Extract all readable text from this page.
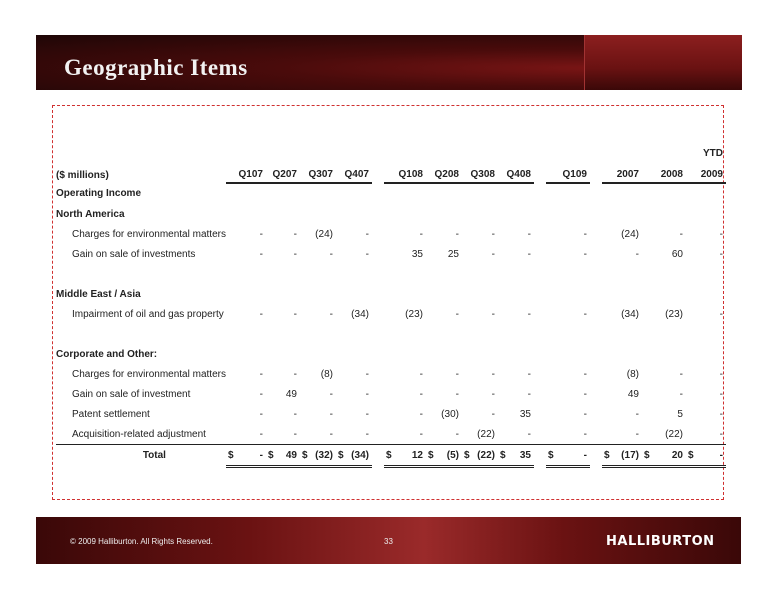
Geographic Items
															YTD
($ millions)	Q107	Q207	Q307	Q407		Q108	Q208	Q308	Q408		Q109		2007	2008	2009
Operating Income															
North America															
Charges for environmental matters	-	-	(24)	-		-	-	-	-		-		(24)	-	-
Gain on sale of investments	-	-	-	-		35	25	-	-		-		-	60	-

Middle East / Asia															
Impairment of oil and gas property	-	-	-	(34)		(23)	-	-	-		-		(34)	(23)	-

Corporate and Other:															
Charges for environmental matters	-	-	(8)	-		-	-	-	-		-		(8)	-	-
Gain on sale of investment	-	49	-	-		-	-	-	-		-		49	-	-
Patent settlement	-	-	-	-		-	(30)	-	35		-		-	5	-
Acquisition-related adjustment	-	-	-	-		-	-	(22)	-		-		-	(22)	-
Total	$ -	$ 49	$ (32)	$ (34)		$ 12	$ (5)	$ (22)	$ 35		$ -		$ (17)	$ 20	$ -
© 2009 Halliburton. All Rights Reserved.	33	HALLIBURTON
